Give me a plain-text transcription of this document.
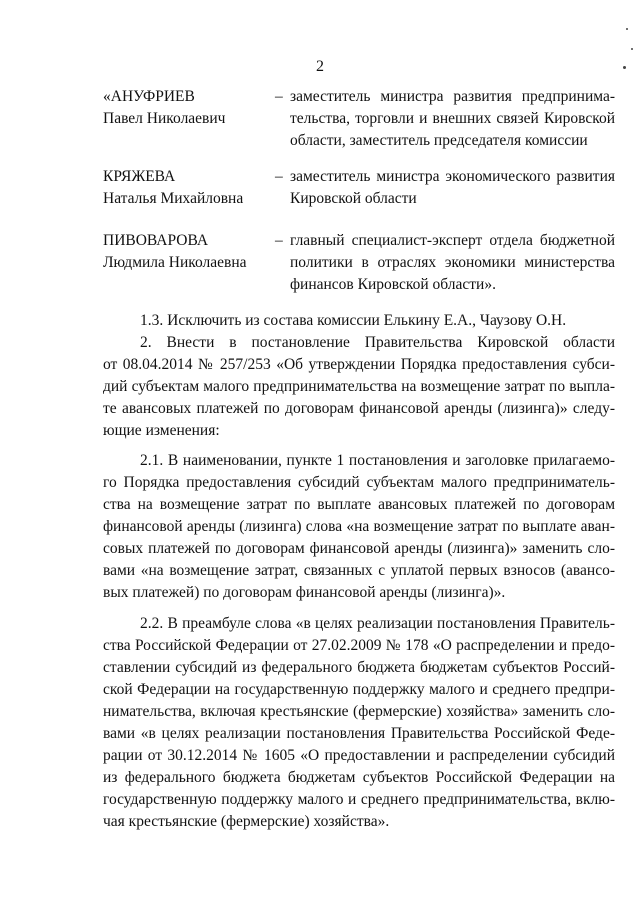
2
«АНУФРИЕВ
Павел Николаевич
– заместитель министра развития предпринима-
тельства, торговли и внешних связей Кировской
области, заместитель председателя комиссии
КРЯЖЕВА
Наталья Михайловна
– заместитель министра экономического развития
Кировской области
ПИВОВАРОВА
Людмила Николаевна
– главный специалист-эксперт отдела бюджетной
политики в отраслях экономики министерства
финансов Кировской области».
1.3. Исключить из состава комиссии Елькину Е.А., Чаузову О.Н.
2. Внести в постановление Правительства Кировской области
от 08.04.2014 № 257/253 «Об утверждении Порядка предоставления субси-
дий субъектам малого предпринимательства на возмещение затрат по выпла-
те авансовых платежей по договорам финансовой аренды (лизинга)» следу-
ющие изменения:
2.1. В наименовании, пункте 1 постановления и заголовке прилагаемо-
го Порядка предоставления субсидий субъектам малого предприниматель-
ства на возмещение затрат по выплате авансовых платежей по договорам
финансовой аренды (лизинга) слова «на возмещение затрат по выплате аван-
совых платежей по договорам финансовой аренды (лизинга)» заменить сло-
вами «на возмещение затрат, связанных с уплатой первых взносов (авансо-
вых платежей) по договорам финансовой аренды (лизинга)».
2.2. В преамбуле слова «в целях реализации постановления Правитель-
ства Российской Федерации от 27.02.2009 № 178 «О распределении и предо-
ставлении субсидий из федерального бюджета бюджетам субъектов Россий-
ской Федерации на государственную поддержку малого и среднего предпри-
нимательства, включая крестьянские (фермерские) хозяйства» заменить сло-
вами «в целях реализации постановления Правительства Российской Феде-
рации от 30.12.2014 № 1605 «О предоставлении и распределении субсидий
из федерального бюджета бюджетам субъектов Российской Федерации на
государственную поддержку малого и среднего предпринимательства, вклю-
чая крестьянские (фермерские) хозяйства».
